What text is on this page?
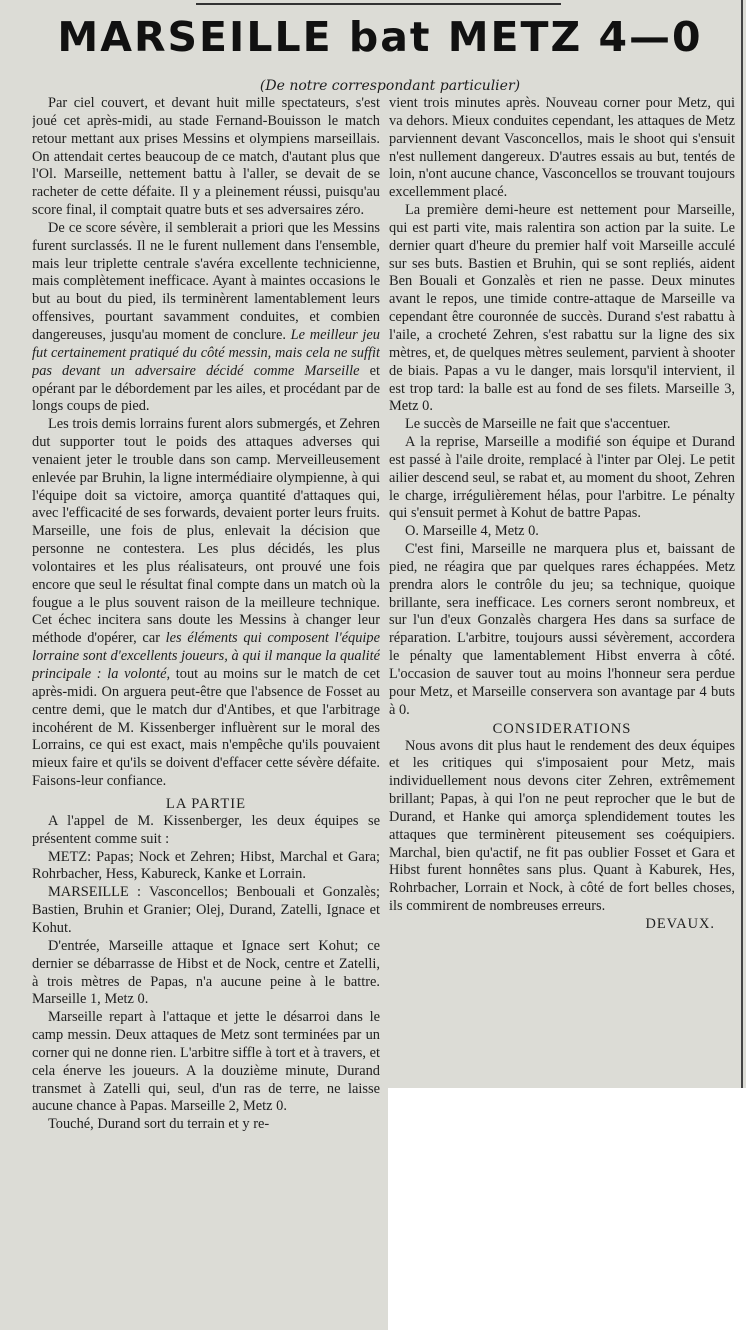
MARSEILLE bat METZ 4—0
(De notre correspondant particulier)

Par ciel couvert, et devant huit mille spectateurs, s'est joué cet après-midi, au stade Fernand-Bouisson le match retour mettant aux prises Messins et olympiens marseillais. On attendait certes beaucoup de ce match, d'autant plus que l'Ol. Marseille, nettement battu à l'aller, se devait de se racheter de cette défaite. Il y a pleinement réussi, puisqu'au score final, il comptait quatre buts et ses adversaires zéro.

De ce score sévère, il semblerait a priori que les Messins furent surclassés. Il ne le furent nullement dans l'ensemble, mais leur triplette centrale s'avéra excellente technicienne, mais complètement inefficace. Ayant à maintes occasions le but au bout du pied, ils terminèrent lamentablement leurs offensives, pourtant savamment conduites, et combien dangereuses, jusqu'au moment de conclure. Le meilleur jeu fut certainement pratiqué du côté messin, mais cela ne suffit pas devant un adversaire décidé comme Marseille et opérant par le débordement par les ailes, et procédant par de longs coups de pied.

Les trois demis lorrains furent alors submergés, et Zehren dut supporter tout le poids des attaques adverses qui venaient jeter le trouble dans son camp. Merveilleusement enlevée par Bruhin, la ligne intermédiaire olympienne, à qui l'équipe doit sa victoire, amorça quantité d'attaques qui, avec l'efficacité de ses forwards, devaient porter leurs fruits. Marseille, une fois de plus, enlevait la décision que personne ne contestera. Les plus décidés, les plus volontaires et les plus réalisateurs, ont prouvé une fois encore que seul le résultat final compte dans un match où la fougue a le plus souvent raison de la meilleure technique. Cet échec incitera sans doute les Messins à changer leur méthode d'opérer, car les éléments qui composent l'équipe lorraine sont d'excellents joueurs, à qui il manque la qualité principale : la volonté, tout au moins sur le match de cet après-midi. On arguera peut-être que l'absence de Fosset au centre demi, que le match dur d'Antibes, et que l'arbitrage incohérent de M. Kissenberger influèrent sur le moral des Lorrains, ce qui est exact, mais n'empêche qu'ils pouvaient mieux faire et qu'ils se doivent d'effacer cette sévère défaite. Faisons-leur confiance.

LA PARTIE

A l'appel de M. Kissenberger, les deux équipes se présentent comme suit :

METZ: Papas; Nock et Zehren; Hibst, Marchal et Gara; Rohrbacher, Hess, Kabureck, Kanke et Lorrain.

MARSEILLE : Vasconcellos; Benbouali et Gonzalès; Bastien, Bruhin et Granier; Olej, Durand, Zatelli, Ignace et Kohut.

D'entrée, Marseille attaque et Ignace sert Kohut; ce dernier se débarrasse de Hibst et de Nock, centre et Zatelli, à trois mètres de Papas, n'a aucune peine à le battre. Marseille 1, Metz 0.

Marseille repart à l'attaque et jette le désarroi dans le camp messin. Deux attaques de Metz sont terminées par un corner qui ne donne rien. L'arbitre siffle à tort et à travers, et cela énerve les joueurs. A la douzième minute, Durand transmet à Zatelli qui, seul, d'un ras de terre, ne laisse aucune chance à Papas. Marseille 2, Metz 0.

Touché, Durand sort du terrain et y re-

vient trois minutes après. Nouveau corner pour Metz, qui va dehors. Mieux conduites cependant, les attaques de Metz parviennent devant Vasconcellos, mais le shoot qui s'ensuit n'est nullement dangereux. D'autres essais au but, tentés de loin, n'ont aucune chance, Vasconcellos se trouvant toujours excellemment placé.

La première demi-heure est nettement pour Marseille, qui est parti vite, mais ralentira son action par la suite. Le dernier quart d'heure du premier half voit Marseille acculé sur ses buts. Bastien et Bruhin, qui se sont repliés, aident Ben Bouali et Gonzalès et rien ne passe. Deux minutes avant le repos, une timide contre-attaque de Marseille va cependant être couronnée de succès. Durand s'est rabattu à l'aile, a crocheté Zehren, s'est rabattu sur la ligne des six mètres, et, de quelques mètres seulement, parvient à shooter de biais. Papas a vu le danger, mais lorsqu'il intervient, il est trop tard: la balle est au fond de ses filets. Marseille 3, Metz 0.

Le succès de Marseille ne fait que s'accentuer.

A la reprise, Marseille a modifié son équipe et Durand est passé à l'aile droite, remplacé à l'inter par Olej. Le petit ailier descend seul, se rabat et, au moment du shoot, Zehren le charge, irrégulièrement hélas, pour l'arbitre. Le pénalty qui s'ensuit permet à Kohut de battre Papas.

O. Marseille 4, Metz 0.

C'est fini, Marseille ne marquera plus et, baissant de pied, ne réagira que par quelques rares échappées. Metz prendra alors le contrôle du jeu; sa technique, quoique brillante, sera inefficace. Les corners seront nombreux, et sur l'un d'eux Gonzalès chargera Hes dans sa surface de réparation. L'arbitre, toujours aussi sévèrement, accordera le pénalty que lamentablement Hibst enverra à côté. L'occasion de sauver tout au moins l'honneur sera perdue pour Metz, et Marseille conservera son avantage par 4 buts à 0.

CONSIDERATIONS

Nous avons dit plus haut le rendement des deux équipes et les critiques qui s'imposaient pour Metz, mais individuellement nous devons citer Zehren, extrêmement brillant; Papas, à qui l'on ne peut reprocher que le but de Durand, et Hanke qui amorça splendidement toutes les attaques que terminèrent piteusement ses coéquipiers. Marchal, bien qu'actif, ne fit pas oublier Fosset et Gara et Hibst furent honnêtes sans plus. Quant à Kaburek, Hes, Rohrbacher, Lorrain et Nock, à côté de fort belles choses, ils commirent de nombreuses erreurs.

DEVAUX.
